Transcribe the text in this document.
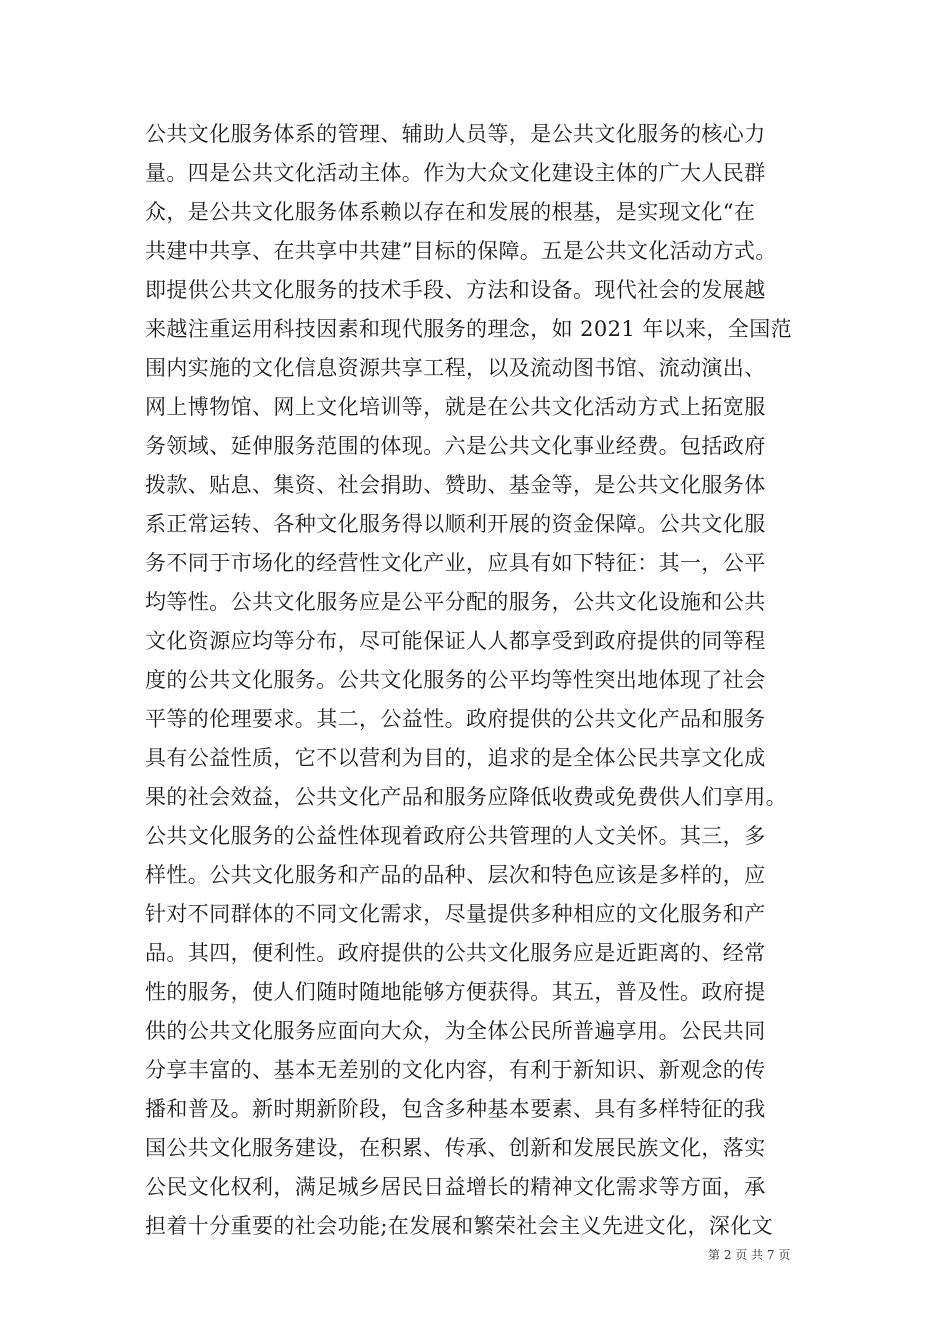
公共文化服务体系的管理、辅助人员等，是公共文化服务的核心力
量。四是公共文化活动主体。作为大众文化建设主体的广大人民群
众，是公共文化服务体系赖以存在和发展的根基，是实现文化“在
共建中共享、在共享中共建”目标的保障。五是公共文化活动方式。
即提供公共文化服务的技术手段、方法和设备。现代社会的发展越
来越注重运用科技因素和现代服务的理念，如 2021 年以来，全国范
围内实施的文化信息资源共享工程，以及流动图书馆、流动演出、
网上博物馆、网上文化培训等，就是在公共文化活动方式上拓宽服
务领域、延伸服务范围的体现。六是公共文化事业经费。包括政府
拨款、贴息、集资、社会捐助、赞助、基金等，是公共文化服务体
系正常运转、各种文化服务得以顺利开展的资金保障。公共文化服
务不同于市场化的经营性文化产业，应具有如下特征：其一，公平
均等性。公共文化服务应是公平分配的服务，公共文化设施和公共
文化资源应均等分布，尽可能保证人人都享受到政府提供的同等程
度的公共文化服务。公共文化服务的公平均等性突出地体现了社会
平等的伦理要求。其二，公益性。政府提供的公共文化产品和服务
具有公益性质，它不以营利为目的，追求的是全体公民共享文化成
果的社会效益，公共文化产品和服务应降低收费或免费供人们享用。
公共文化服务的公益性体现着政府公共管理的人文关怀。其三，多
样性。公共文化服务和产品的品种、层次和特色应该是多样的，应
针对不同群体的不同文化需求，尽量提供多种相应的文化服务和产
品。其四，便利性。政府提供的公共文化服务应是近距离的、经常
性的服务，使人们随时随地能够方便获得。其五，普及性。政府提
供的公共文化服务应面向大众，为全体公民所普遍享用。公民共同
分享丰富的、基本无差别的文化内容，有利于新知识、新观念的传
播和普及。新时期新阶段，包含多种基本要素、具有多样特征的我
国公共文化服务建设，在积累、传承、创新和发展民族文化，落实
公民文化权利，满足城乡居民日益增长的精神文化需求等方面，承
担着十分重要的社会功能;在发展和繁荣社会主义先进文化，深化文
第 2 页 共 7 页
